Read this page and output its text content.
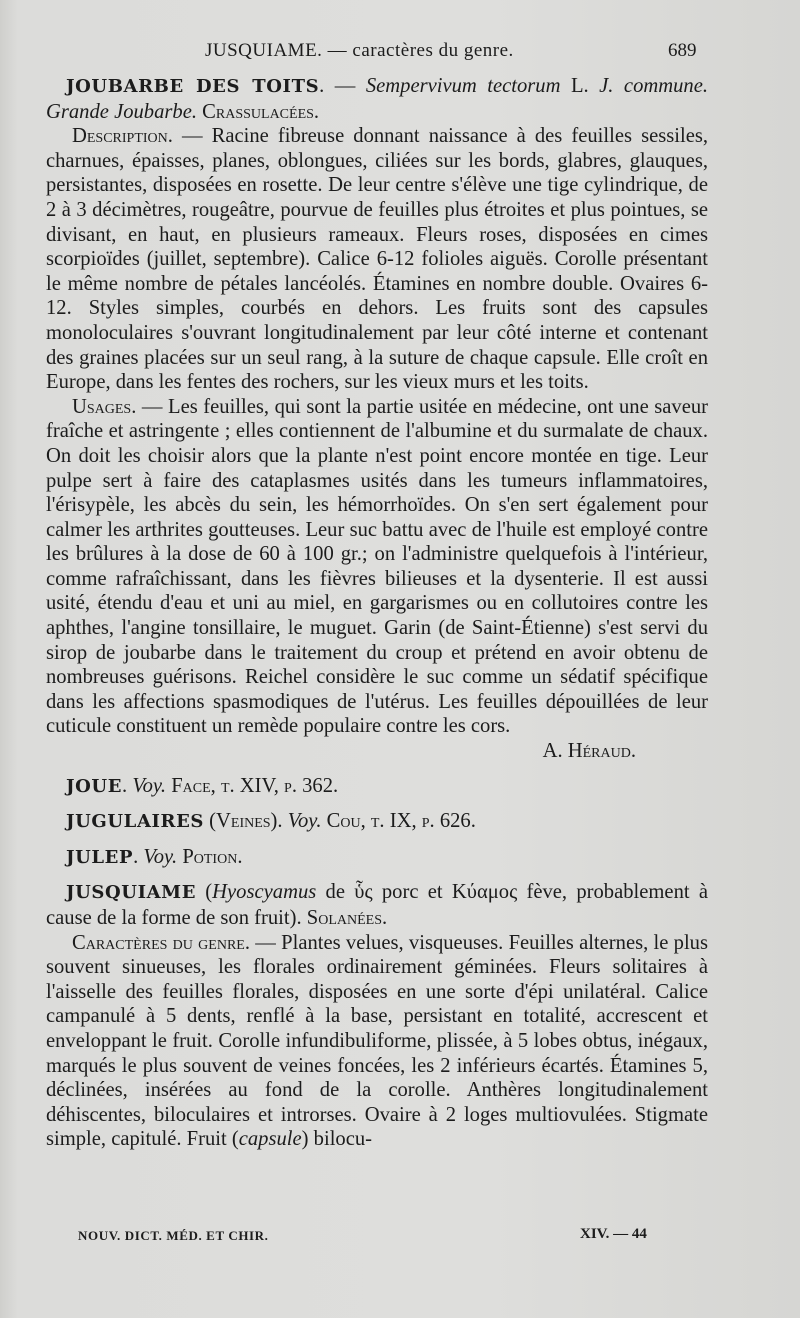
JUSQUIAME. — caractères du genre.	689

JOUBARBE DES TOITS. — Sempervivum tectorum L. J. commune. Grande Joubarbe. Crassulacées.

Description. — Racine fibreuse donnant naissance à des feuilles sessiles, charnues, épaisses, planes, oblongues, ciliées sur les bords, glabres, glauques, persistantes, disposées en rosette. De leur centre s'élève une tige cylindrique, de 2 à 3 décimètres, rougeâtre, pourvue de feuilles plus étroites et plus pointues, se divisant, en haut, en plusieurs rameaux. Fleurs roses, disposées en cimes scorpioïdes (juillet, septembre). Calice 6-12 folioles aiguës. Corolle présentant le même nombre de pétales lancéolés. Étamines en nombre double. Ovaires 6-12. Styles simples, courbés en dehors. Les fruits sont des capsules monoloculaires s'ouvrant longitudinalement par leur côté interne et contenant des graines placées sur un seul rang, à la suture de chaque capsule. Elle croît en Europe, dans les fentes des rochers, sur les vieux murs et les toits.

Usages. — Les feuilles, qui sont la partie usitée en médecine, ont une saveur fraîche et astringente ; elles contiennent de l'albumine et du surmalate de chaux. On doit les choisir alors que la plante n'est point encore montée en tige. Leur pulpe sert à faire des cataplasmes usités dans les tumeurs inflammatoires, l'érisypèle, les abcès du sein, les hémorrhoïdes. On s'en sert également pour calmer les arthrites goutteuses. Leur suc battu avec de l'huile est employé contre les brûlures à la dose de 60 à 100 gr.; on l'administre quelquefois à l'intérieur, comme rafraîchissant, dans les fièvres bilieuses et la dysenterie. Il est aussi usité, étendu d'eau et uni au miel, en gargarismes ou en collutoires contre les aphthes, l'angine tonsillaire, le muguet. Garin (de Saint-Étienne) s'est servi du sirop de joubarbe dans le traitement du croup et prétend en avoir obtenu de nombreuses guérisons. Reichel considère le suc comme un sédatif spécifique dans les affections spasmodiques de l'utérus. Les feuilles dépouillées de leur cuticule constituent un remède populaire contre les cors.

A. Héraud.

JOUE. Voy. Face, t. XIV, p. 362.

JUGULAIRES (Veines). Voy. Cou, t. IX, p. 626.

JULEP. Voy. Potion.

JUSQUIAME (Hyoscyamus de ὗς porc et Κύαμος fève, probablement à cause de la forme de son fruit). Solanées.

Caractères du genre. — Plantes velues, visqueuses. Feuilles alternes, le plus souvent sinueuses, les florales ordinairement géminées. Fleurs solitaires à l'aisselle des feuilles florales, disposées en une sorte d'épi unilatéral. Calice campanulé à 5 dents, renflé à la base, persistant en totalité, accrescent et enveloppant le fruit. Corolle infundibuliforme, plissée, à 5 lobes obtus, inégaux, marqués le plus souvent de veines foncées, les 2 inférieurs écartés. Étamines 5, déclinées, insérées au fond de la corolle. Anthères longitudinalement déhiscentes, biloculaires et introrses. Ovaire à 2 loges multiovulées. Stigmate simple, capitulé. Fruit (capsule) bilocu-

NOUV. DICT. MÉD. ET CHIR.	XIV. — 44
